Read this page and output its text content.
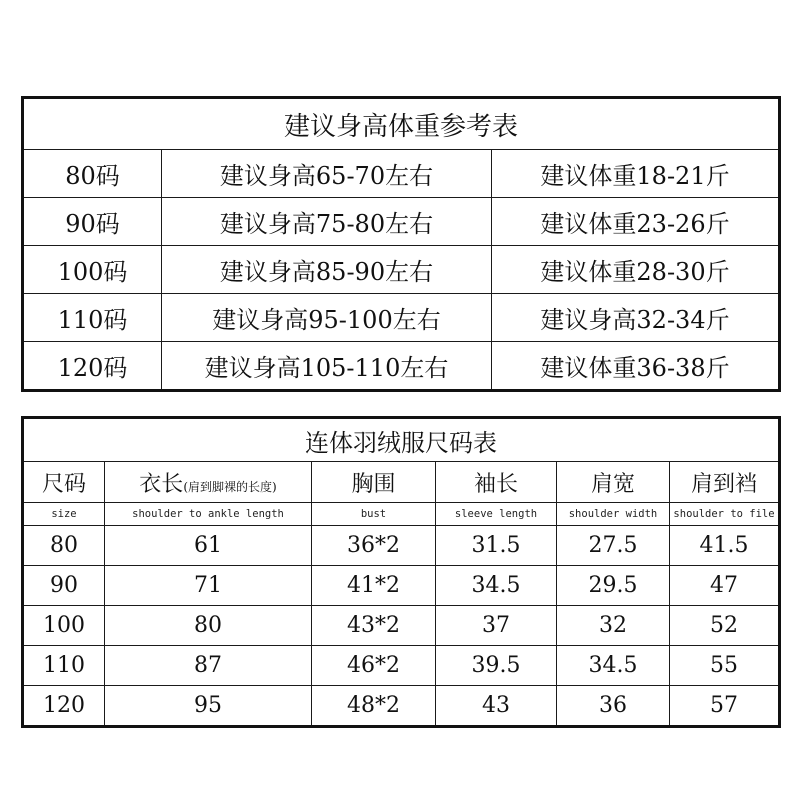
建议身高体重参考表		
80码	建议身高65-70左右	建议体重18-21斤
90码	建议身高75-80左右	建议体重23-26斤
100码	建议身高85-90左右	建议体重28-30斤
110码	建议身高95-100左右	建议身高32-34斤
120码	建议身高105-110左右	建议体重36-38斤
连体羽绒服尺码表					
尺码	衣长(肩到脚裸的长度)	胸围	袖长	肩宽	肩到裆
size	shoulder to ankle length	bust	sleeve length	shoulder width	shoulder to file
80	61	36*2	31.5	27.5	41.5
90	71	41*2	34.5	29.5	47
100	80	43*2	37	32	52
110	87	46*2	39.5	34.5	55
120	95	48*2	43	36	57
